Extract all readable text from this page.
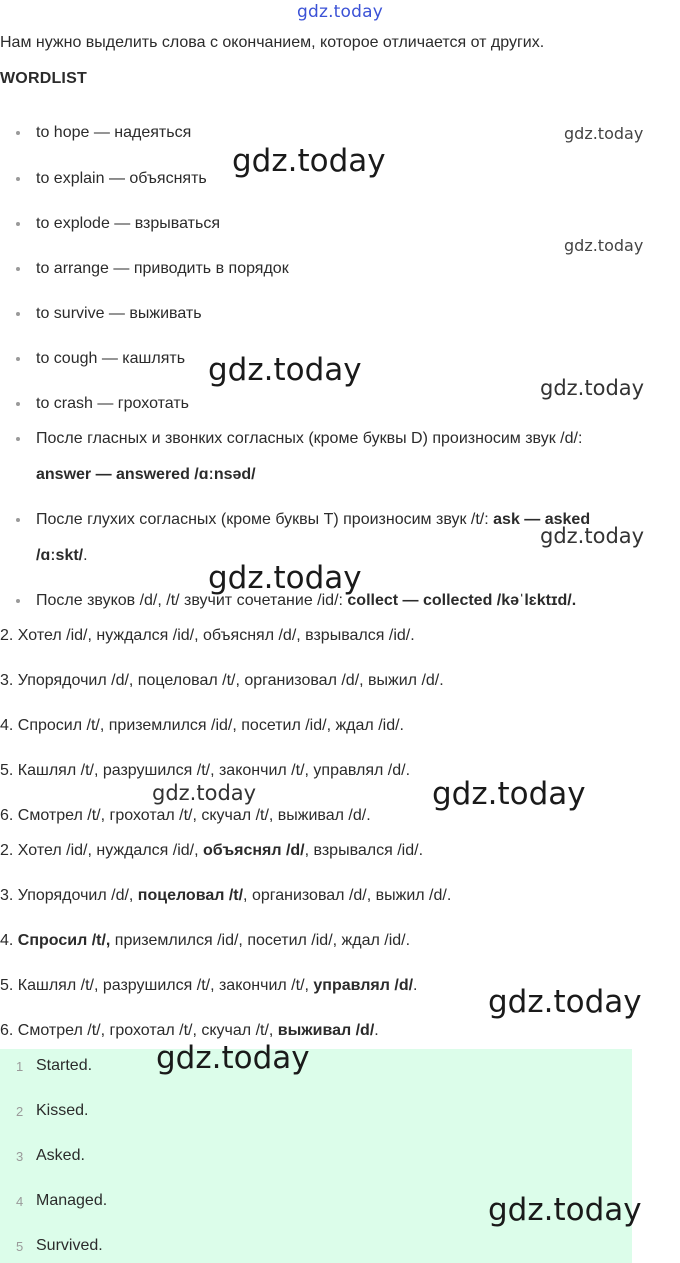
gdz.today
Нам нужно выделить слова с окончанием, которое отличается от других.
WORDLIST
to hope — надеяться
to explain — объяснять
to explode — взрываться
to arrange — приводить в порядок
to survive — выживать
to cough — кашлять
to crash — грохотать
После гласных и звонких согласных (кроме буквы D) произносим звук /d/:
answer — answered /ɑːnsəd/
После глухих согласных (кроме буквы T) произносим звук /t/: ask — asked
/ɑːskt/.
После звуков /d/, /t/ звучит сочетание /id/: collect — collected /kəˈlɛktɪd/.
2. Хотел /id/, нуждался /id/, объяснял /d/, взрывался /id/.
3. Упорядочил /d/, поцеловал /t/, организовал /d/, выжил /d/.
4. Спросил /t/, приземлился /id/, посетил /id/, ждал /id/.
5. Кашлял /t/, разрушился /t/, закончил /t/, управлял /d/.
6. Смотрел /t/, грохотал /t/, скучал /t/, выживал /d/.
2. Хотел /id/, нуждался /id/, объяснял /d/, взрывался /id/.
3. Упорядочил /d/, поцеловал /t/, организовал /d/, выжил /d/.
4. Спросил /t/, приземлился /id/, посетил /id/, ждал /id/.
5. Кашлял /t/, разрушился /t/, закончил /t/, управлял /d/.
6. Смотрел /t/, грохотал /t/, скучал /t/, выживал /d/.
1 Started.
2 Kissed.
3 Asked.
4 Managed.
5 Survived.
gdz.today
gdz.today
gdz.today
gdz.today	gdz.today
gdz.today
gdz.today
gdz.today	gdz.today
gdz.today
gdz.today
gdz.today
